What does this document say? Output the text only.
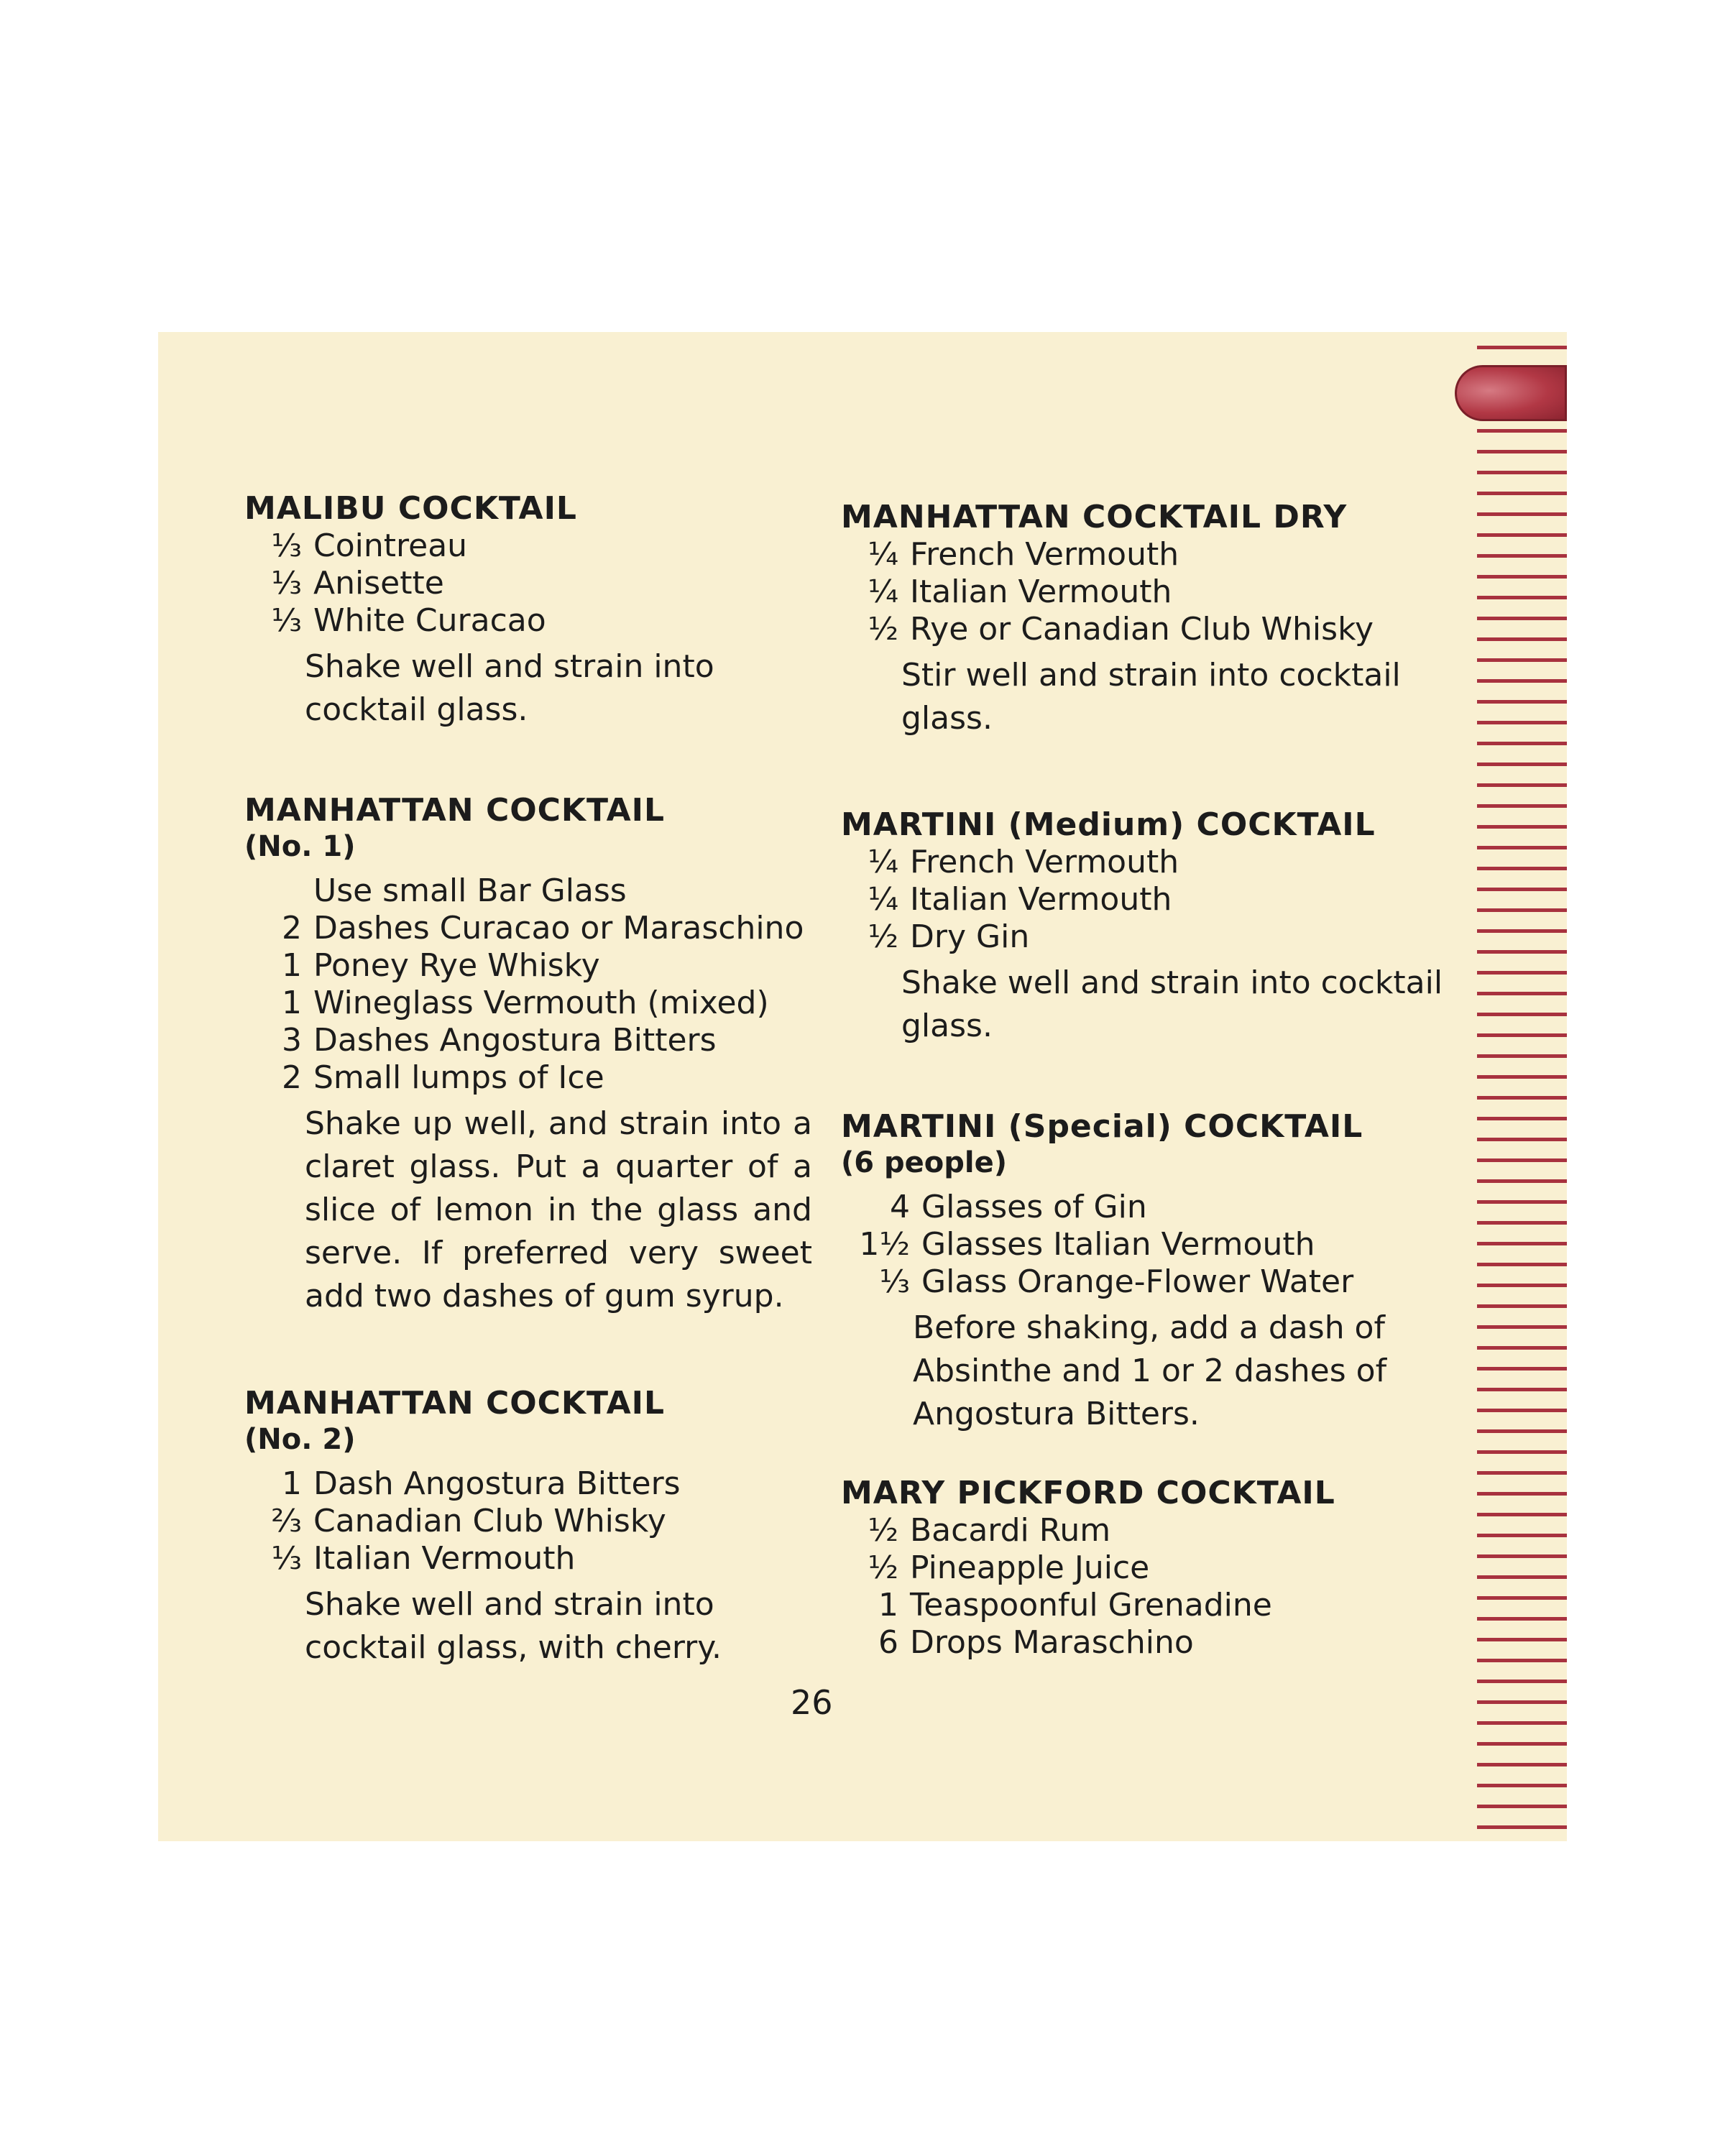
MALIBU COCKTAIL
⅓ Cointreau
⅓ Anisette
⅓ White Curacao
Shake well and strain into cocktail glass.
MANHATTAN COCKTAIL
(No. 1)
Use small Bar Glass
2 Dashes Curacao or Maraschino
1 Poney Rye Whisky
1 Wineglass Vermouth (mixed)
3 Dashes Angostura Bitters
2 Small lumps of Ice
Shake up well, and strain into a claret glass. Put a quarter of a slice of lemon in the glass and serve. If preferred very sweet add two dashes of gum syrup.
MANHATTAN COCKTAIL
(No. 2)
1 Dash Angostura Bitters
⅔ Canadian Club Whisky
⅓ Italian Vermouth
Shake well and strain into cocktail glass, with cherry.
MANHATTAN COCKTAIL DRY
¼ French Vermouth
¼ Italian Vermouth
½ Rye or Canadian Club Whisky
Stir well and strain into cocktail glass.
MARTINI (Medium) COCKTAIL
¼ French Vermouth
¼ Italian Vermouth
½ Dry Gin
Shake well and strain into cocktail glass.
MARTINI (Special) COCKTAIL
(6 people)
4 Glasses of Gin
1½ Glasses Italian Vermouth
⅓ Glass Orange-Flower Water
Before shaking, add a dash of Absinthe and 1 or 2 dashes of Angostura Bitters.
MARY PICKFORD COCKTAIL
½ Bacardi Rum
½ Pineapple Juice
1 Teaspoonful Grenadine
6 Drops Maraschino
26
